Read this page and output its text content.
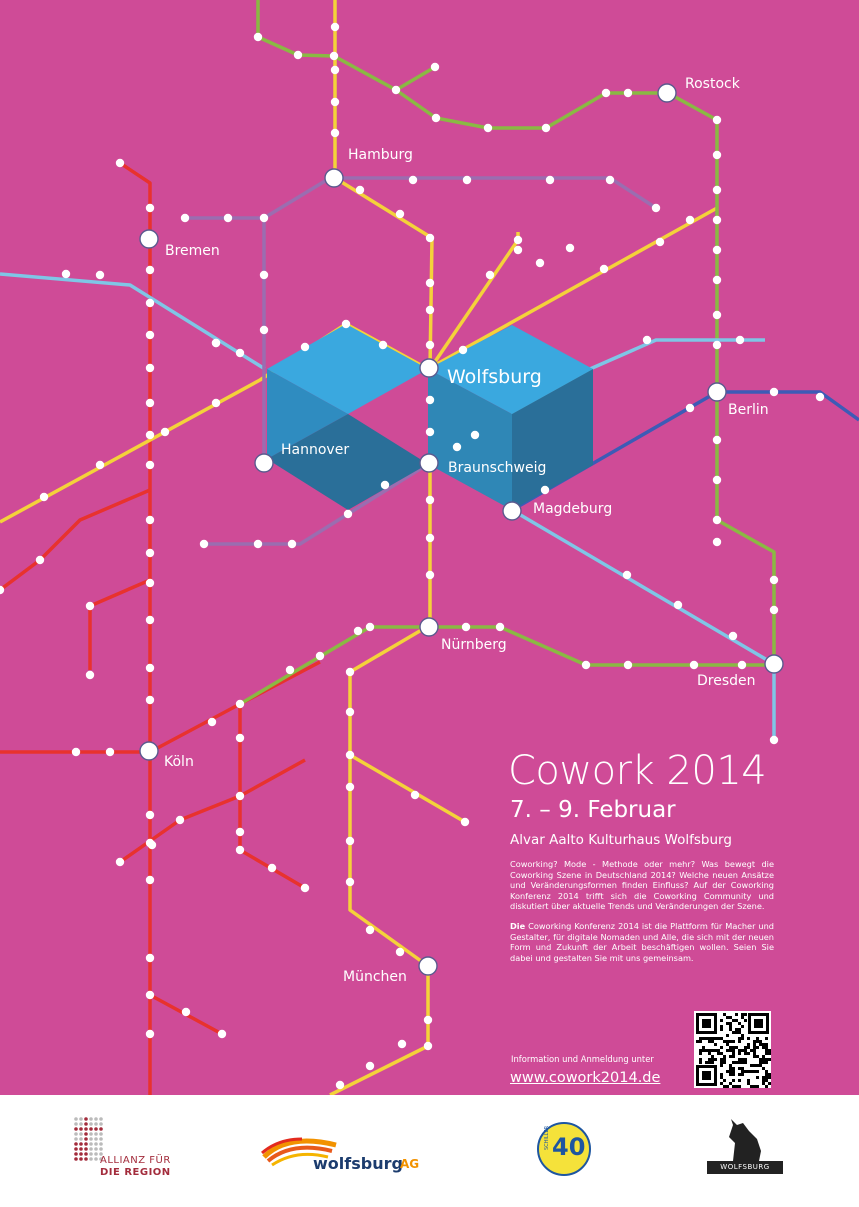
Rostock
Hamburg
Bremen
Wolfsburg
Hannover
Braunschweig
Berlin
Magdeburg
Nürnberg
Dresden
Köln
München
Cowork 2014
7. – 9. Februar
Alvar Aalto Kulturhaus Wolfsburg

Coworking? Mode - Methode oder mehr? Was bewegt die Coworking Szene in Deutschland 2014? Welche neuen Ansätze und Veränderungsformen finden Einfluss? Auf der Coworking Konferenz 2014 trifft sich die Coworking Community und diskutiert über aktuelle Trends und Veränderungen der Szene.

Die Coworking Konferenz 2014 ist die Plattform für Macher und Gestalter, für digitale Nomaden und Alle, die sich mit der neuen Form und Zukunft der Arbeit beschäftigen wollen. Seien Sie dabei und gestalten Sie mit uns gemeinsam.

Information und Anmeldung unter
www.cowork2014.de
ALLIANZ FÜR
DIE REGION	wolfsburg
AG
SCHILLER 40
WOLFSBURG
